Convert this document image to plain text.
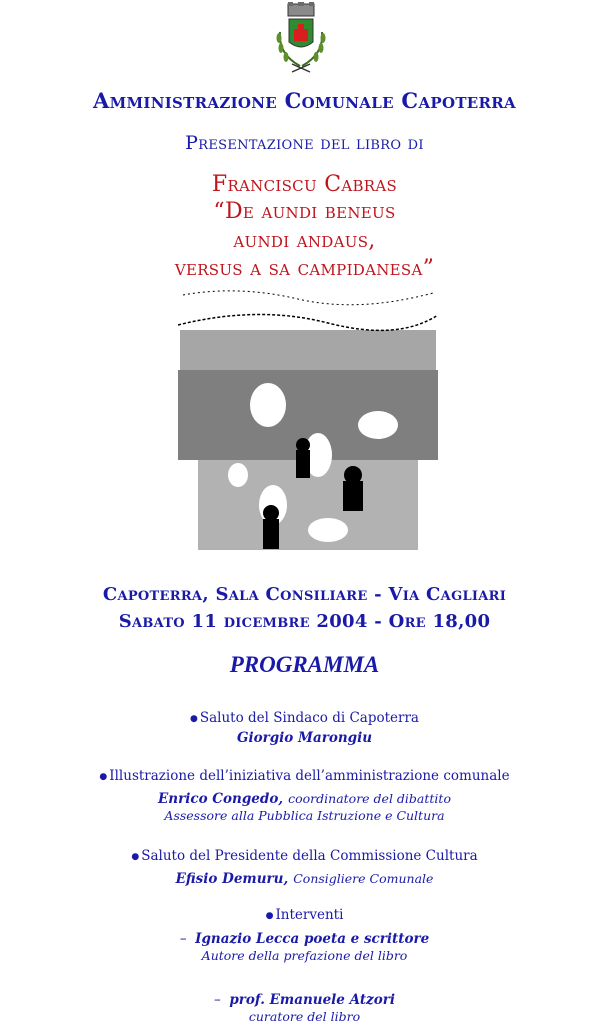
Amministrazione Comunale Capoterra
Presentazione del libro di
Franciscu Cabras
“De aundi beneus
aundi andaus,
versus a sa campidanesa”
Capoterra, Sala Consiliare - Via Cagliari
Sabato 11 dicembre 2004 - Ore 18,00
PROGRAMMA
● Saluto del Sindaco di Capoterra
Giorgio Marongiu
● Illustrazione dell’iniziativa dell’amministrazione comunale
Enrico Congedo, coordinatore del dibattito
Assessore alla Pubblica Istruzione e Cultura
● Saluto del Presidente della Commissione Cultura
Efisio Demuru, Consigliere Comunale
● Interventi
–  Ignazio Lecca poeta e scrittore
Autore della prefazione del libro
–  prof. Emanuele Atzori
curatore del libro
